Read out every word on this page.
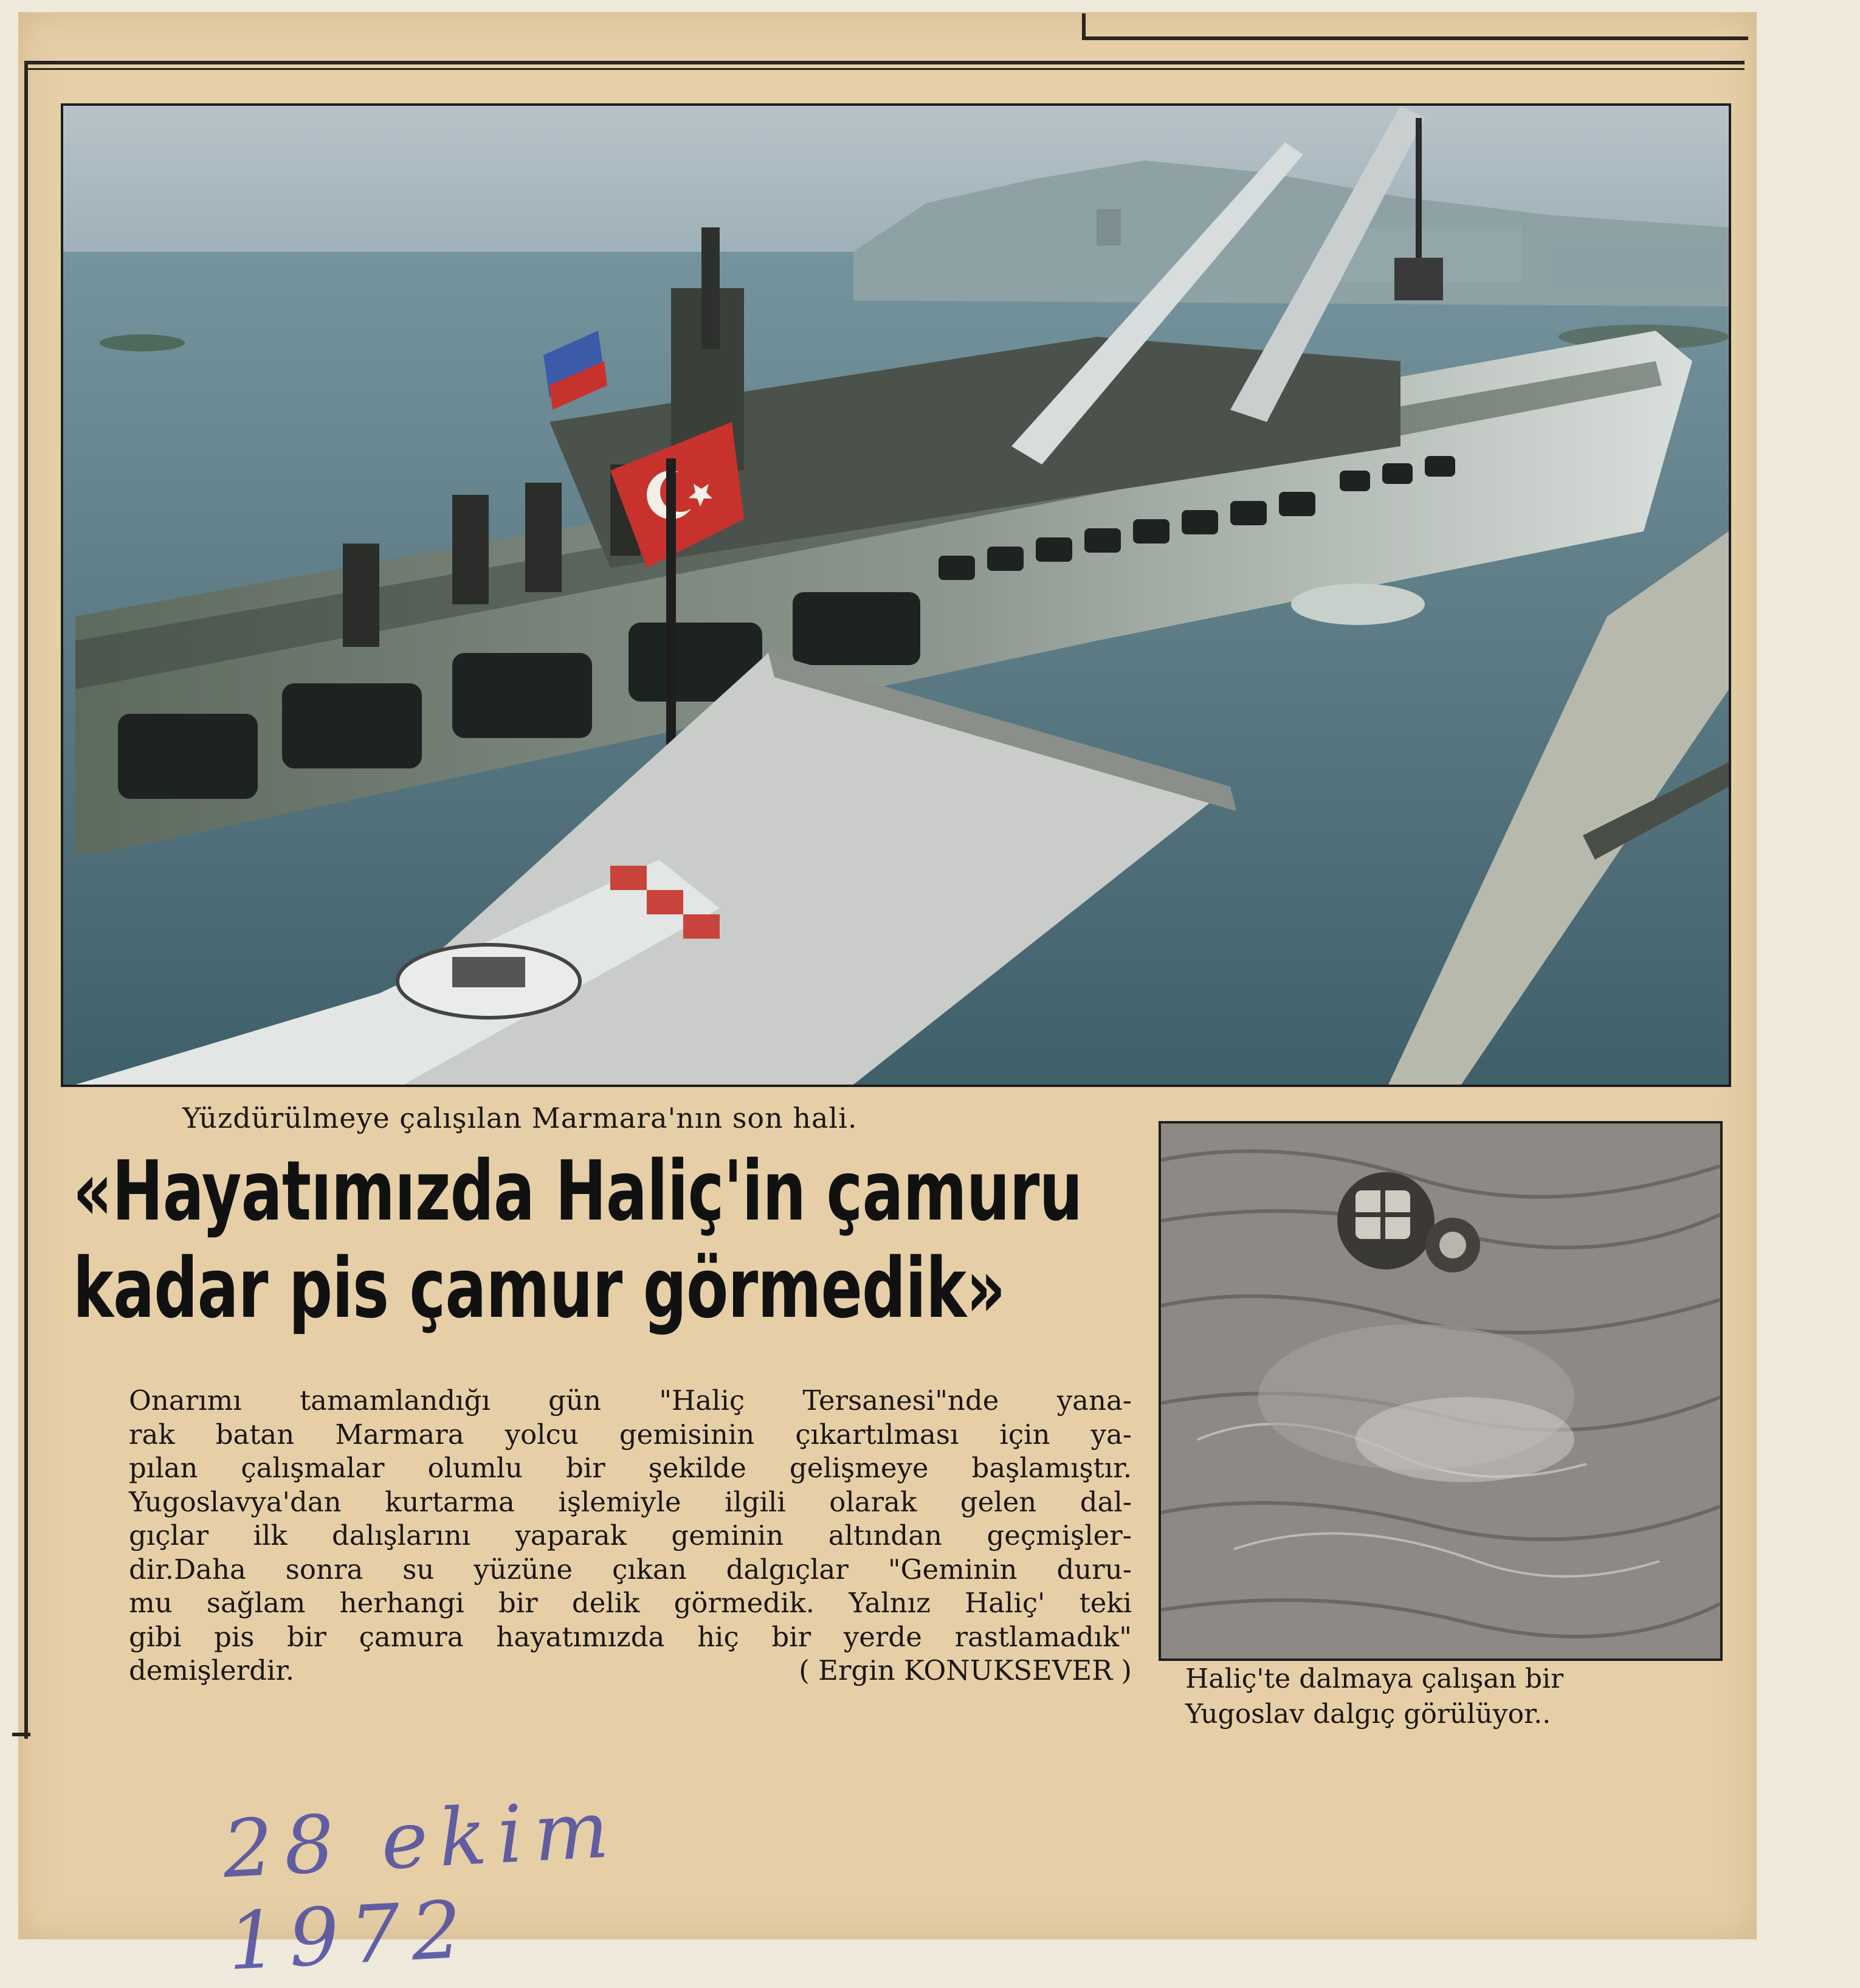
Yüzdürülmeye çalışılan Marmara'nın son hali.
«Hayatımızda Haliç'in çamuru
kadar pis çamur görmedik»
Onarımı tamamlandığı gün "Haliç Tersanesi"nde yana-
rak batan Marmara yolcu gemisinin çıkartılması için ya-
pılan çalışmalar olumlu bir şekilde gelişmeye başlamıştır.
Yugoslavya'dan kurtarma işlemiyle ilgili olarak gelen dal-
gıçlar ilk dalışlarını yaparak geminin altından geçmişler-
dir.Daha sonra su yüzüne çıkan dalgıçlar "Geminin duru-
mu sağlam herhangi bir delik görmedik. Yalnız Haliç' teki
gibi pis bir çamura hayatımızda hiç bir yerde rastlamadık"
demişlerdir.	( Ergin KONUKSEVER ) Haliç'te dalmaya çalışan bir
Yugoslav dalgıç görülüyor..
28 ekim 1972
